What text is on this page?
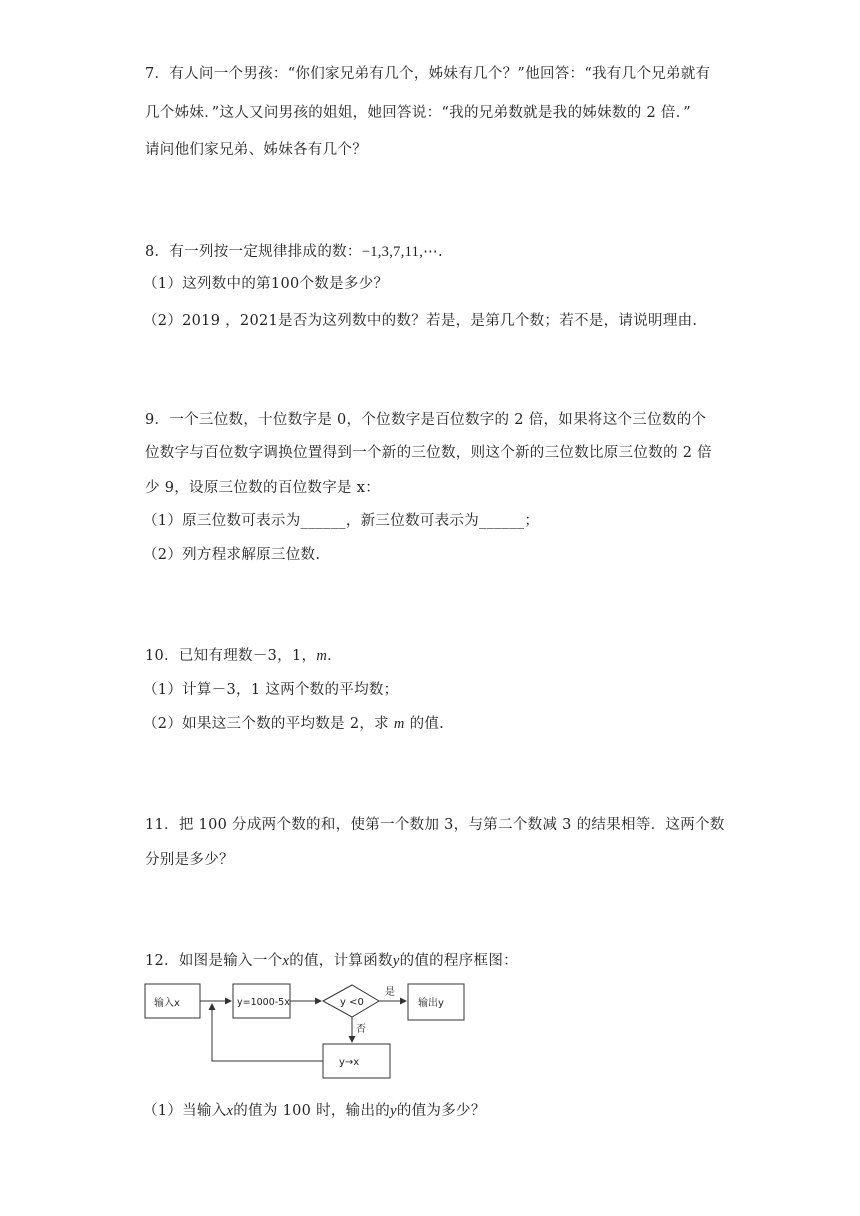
7．有人问一个男孩：“你们家兄弟有几个，姊妹有几个？”他回答：“我有几个兄弟就有
几个姊妹．”这人又问男孩的姐姐，她回答说：“我的兄弟数就是我的姊妹数的 2 倍．”
请问他们家兄弟、姊妹各有几个？
8．有一列按一定规律排成的数：−1,3,7,11,⋯.
（1）这列数中的第100个数是多少？
（2）2019 ，2021是否为这列数中的数？若是，是第几个数；若不是，请说明理由.
9．一个三位数，十位数字是 0，个位数字是百位数字的 2 倍，如果将这个三位数的个
位数字与百位数字调换位置得到一个新的三位数，则这个新的三位数比原三位数的 2 倍
少 9，设原三位数的百位数字是 x：
（1）原三位数可表示为______，新三位数可表示为______；
（2）列方程求解原三位数.
10．已知有理数－3，1，m．
（1）计算－3，1 这两个数的平均数；
（2）如果这三个数的平均数是 2，求 m 的值.
11．把 100 分成两个数的和，使第一个数加 3，与第二个数减 3 的结果相等．这两个数
分别是多少？
12．如图是输入一个x的值，计算函数y的值的程序框图：
输入x	y=1000-5x	y <0
是
输出y
否
y→x
（1）当输入x的值为 100 时，输出的y的值为多少？
